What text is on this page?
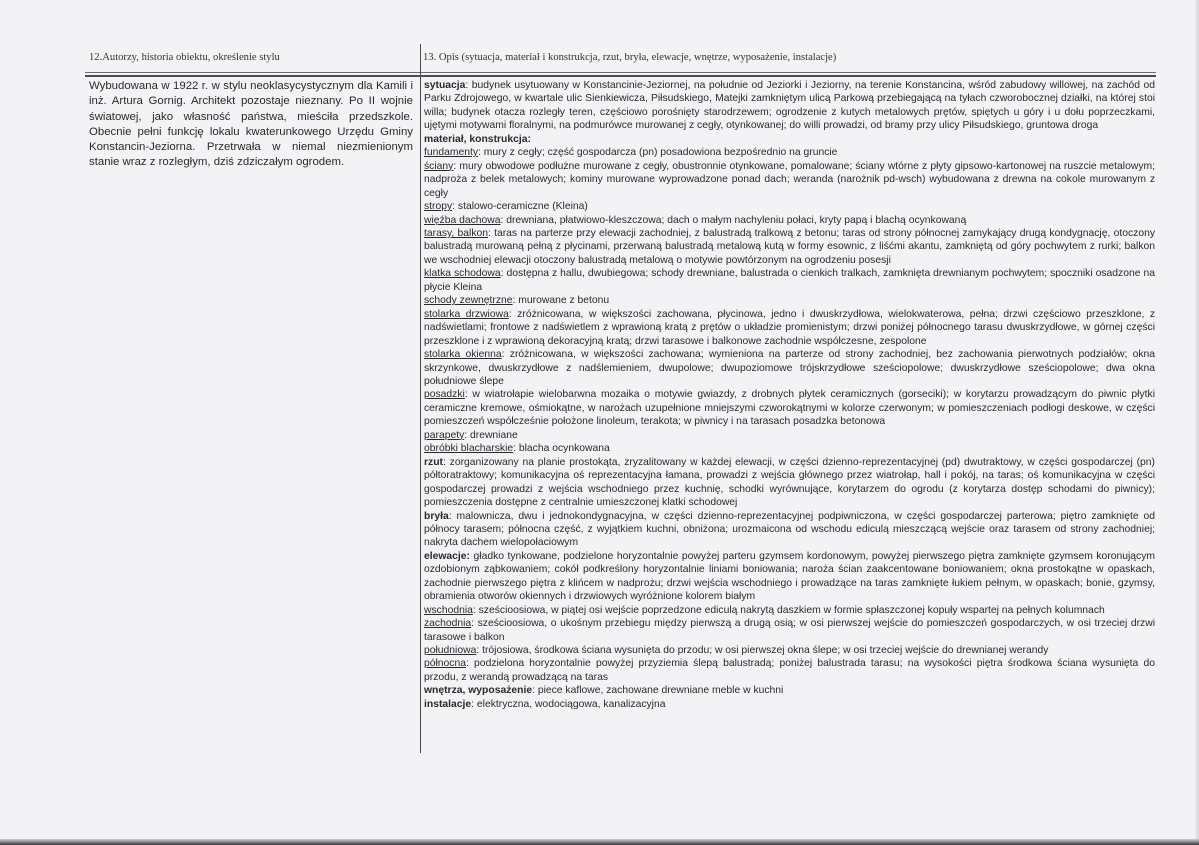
12.Autorzy, historia obiektu, określenie stylu	13. Opis (sytuacja, materiał i konstrukcja, rzut, bryła, elewacje, wnętrze, wyposażenie, instalacje)
Wybudowana w 1922 r. w stylu neoklasycystycznym dla Kamili i inż. Artura Gornig. Architekt pozostaje nieznany. Po II wojnie światowej, jako własność państwa, mieściła przedszkole. Obecnie pełni funkcję lokalu kwaterunkowego Urzędu Gminy Konstancin-Jeziorna. Przetrwała w niemal niezmienionym stanie wraz z rozległym, dziś zdziczałym ogrodem.

sytuacja: budynek usytuowany w Konstancinie-Jeziornej, na południe od Jeziorki i Jeziorny, na terenie Konstancina, wśród zabudowy willowej, na zachód od Parku Zdrojowego, w kwartale ulic Sienkiewicza, Piłsudskiego, Matejki zamkniętym ulicą Parkową przebiegającą na tyłach czworobocznej działki, na której stoi willa; budynek otacza rozległy teren, częściowo porośnięty starodrzewem; ogrodzenie z kutych metalowych prętów, spiętych u góry i u dołu poprzeczkami, ujętymi motywami floralnymi, na podmurówce murowanej z cegły, otynkowanej; do willi prowadzi, od bramy przy ulicy Piłsudskiego, gruntowa droga

materiał, konstrukcja:

fundamenty: mury z cegły; część gospodarcza (pn) posadowiona bezpośrednio na gruncie

ściany: mury obwodowe podłużne murowane z cegły, obustronnie otynkowane, pomalowane; ściany wtórne z płyty gipsowo-kartonowej na ruszcie metalowym; nadproża z belek metalowych; kominy murowane wyprowadzone ponad dach; weranda (narożnik pd-wsch) wybudowana z drewna na cokole murowanym z cegły

stropy: stalowo-ceramiczne (Kleina)

więźba dachowa: drewniana, płatwiowo-kleszczowa; dach o małym nachyleniu połaci, kryty papą i blachą ocynkowaną

tarasy, balkon: taras na parterze przy elewacji zachodniej, z balustradą tralkową z betonu; taras od strony północnej zamykający drugą kondygnację, otoczony balustradą murowaną pełną z płycinami, przerwaną balustradą metalową kutą w formy esownic, z liśćmi akantu, zamkniętą od góry pochwytem z rurki; balkon we wschodniej elewacji otoczony balustradą metalową o motywie powtórzonym na ogrodzeniu posesji

klatka schodowa: dostępna z hallu, dwubiegowa; schody drewniane, balustrada o cienkich tralkach, zamknięta drewnianym pochwytem; spoczniki osadzone na płycie Kleina

schody zewnętrzne: murowane z betonu

stolarka drzwiowa: zróżnicowana, w większości zachowana, płycinowa, jedno i dwuskrzydłowa, wielokwaterowa, pełna; drzwi częściowo przeszklone, z nadświetlami; frontowe z nadświetlem z wprawioną kratą z prętów o układzie promienistym; drzwi poniżej północnego tarasu dwuskrzydłowe, w górnej części przeszklone i z wprawioną dekoracyjną kratą; drzwi tarasowe i balkonowe zachodnie współczesne, zespolone

stolarka okienna: zróżnicowana, w większości zachowana; wymieniona na parterze od strony zachodniej, bez zachowania pierwotnych podziałów; okna skrzynkowe, dwuskrzydłowe z nadślemieniem, dwupolowe; dwupoziomowe trójskrzydłowe sześciopolowe; dwuskrzydłowe sześciopolowe; dwa okna południowe ślepe

posadzki: w wiatrołapie wielobarwna mozaika o motywie gwiazdy, z drobnych płytek ceramicznych (gorseciki); w korytarzu prowadzącym do piwnic płytki ceramiczne kremowe, ośmiokątne, w narożach uzupełnione mniejszymi czworokątnymi w kolorze czerwonym; w pomieszczeniach podłogi deskowe, w części pomieszczeń współcześnie położone linoleum, terakota; w piwnicy i na tarasach posadzka betonowa

parapety: drewniane

obróbki blacharskie: blacha ocynkowana

rzut: zorganizowany na planie prostokąta, zryzalitowany w każdej elewacji, w części dzienno-reprezentacyjnej (pd) dwutraktowy, w części gospodarczej (pn) półtoratraktowy; komunikacyjna oś reprezentacyjna łamana, prowadzi z wejścia głównego przez wiatrołap, hall i pokój, na taras; oś komunikacyjna w części gospodarczej prowadzi z wejścia wschodniego przez kuchnię, schodki wyrównujące, korytarzem do ogrodu (z korytarza dostęp schodami do piwnicy); pomieszczenia dostępne z centralnie umieszczonej klatki schodowej

bryła: malownicza, dwu i jednokondygnacyjna, w części dzienno-reprezentacyjnej podpiwniczona, w części gospodarczej parterowa; piętro zamknięte od północy tarasem; północna część, z wyjątkiem kuchni, obniżona; urozmaicona od wschodu ediculą mieszczącą wejście oraz tarasem od strony zachodniej; nakryta dachem wielopołaciowym

elewacje: gładko tynkowane, podzielone horyzontalnie powyżej parteru gzymsem kordonowym, powyżej pierwszego piętra zamknięte gzymsem koronującym ozdobionym ząbkowaniem; cokół podkreślony horyzontalnie liniami boniowania; naroża ścian zaakcentowane boniowaniem; okna prostokątne w opaskach, zachodnie pierwszego piętra z klińcem w nadprożu; drzwi wejścia wschodniego i prowadzące na taras zamknięte łukiem pełnym, w opaskach; bonie, gzymsy, obramienia otworów okiennych i drzwiowych wyróżnione kolorem białym

wschodnia: sześcioosiowa, w piątej osi wejście poprzedzone ediculą nakrytą daszkiem w formie spłaszczonej kopuły wspartej na pełnych kolumnach

zachodnia: sześcioosiowa, o ukośnym przebiegu między pierwszą a drugą osią; w osi pierwszej wejście do pomieszczeń gospodarczych, w osi trzeciej drzwi tarasowe i balkon

południowa: trójosiowa, środkowa ściana wysunięta do przodu; w osi pierwszej okna ślepe; w osi trzeciej wejście do drewnianej werandy

północna: podzielona horyzontalnie powyżej przyziemia ślepą balustradą; poniżej balustrada tarasu; na wysokości piętra środkowa ściana wysunięta do przodu, z werandą prowadzącą na taras

wnętrza, wyposażenie: piece kaflowe, zachowane drewniane meble w kuchni

instalacje: elektryczna, wodociągowa, kanalizacyjna
